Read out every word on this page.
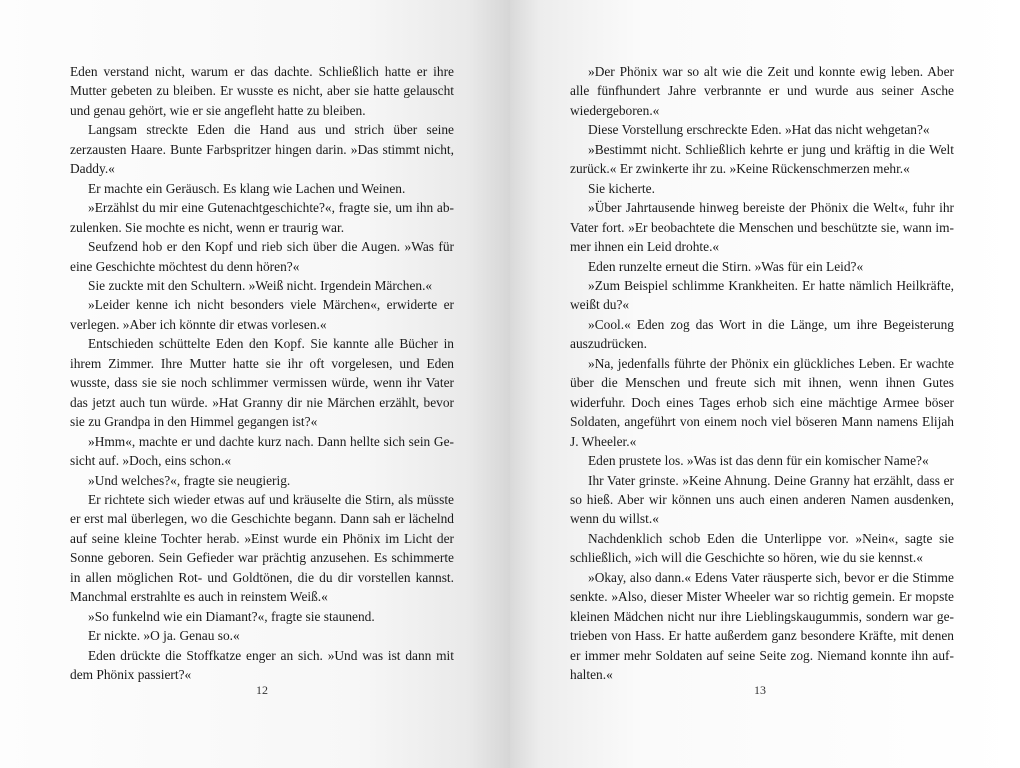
Eden verstand nicht, warum er das dachte. Schließlich hatte er ihre Mutter gebeten zu bleiben. Er wusste es nicht, aber sie hatte gelauscht und genau gehört, wie er sie angefleht hatte zu bleiben.

Langsam streckte Eden die Hand aus und strich über seine zerzausten Haare. Bunte Farbspritzer hingen darin. »Das stimmt nicht, Daddy.«

Er machte ein Geräusch. Es klang wie Lachen und Weinen.

»Erzählst du mir eine Gutenachtgeschichte?«, fragte sie, um ihn abzulenken. Sie mochte es nicht, wenn er traurig war.

Seufzend hob er den Kopf und rieb sich über die Augen. »Was für eine Geschichte möchtest du denn hören?«

Sie zuckte mit den Schultern. »Weiß nicht. Irgendein Märchen.«

»Leider kenne ich nicht besonders viele Märchen«, erwiderte er verlegen. »Aber ich könnte dir etwas vorlesen.«

Entschieden schüttelte Eden den Kopf. Sie kannte alle Bücher in ihrem Zimmer. Ihre Mutter hatte sie ihr oft vorgelesen, und Eden wusste, dass sie sie noch schlimmer vermissen würde, wenn ihr Vater das jetzt auch tun würde. »Hat Granny dir nie Märchen erzählt, bevor sie zu Grandpa in den Himmel gegangen ist?«

»Hmm«, machte er und dachte kurz nach. Dann hellte sich sein Gesicht auf. »Doch, eins schon.«

»Und welches?«, fragte sie neugierig.

Er richtete sich wieder etwas auf und kräuselte die Stirn, als müsste er erst mal überlegen, wo die Geschichte begann. Dann sah er lächelnd auf seine kleine Tochter herab. »Einst wurde ein Phönix im Licht der Sonne geboren. Sein Gefieder war prächtig anzusehen. Es schimmerte in allen möglichen Rot- und Goldtönen, die du dir vorstellen kannst. Manchmal erstrahlte es auch in reinstem Weiß.«

»So funkelnd wie ein Diamant?«, fragte sie staunend.

Er nickte. »O ja. Genau so.«

Eden drückte die Stoffkatze enger an sich. »Und was ist dann mit dem Phönix passiert?«

12

»Der Phönix war so alt wie die Zeit und konnte ewig leben. Aber alle fünfhundert Jahre verbrannte er und wurde aus seiner Asche wiedergeboren.«

Diese Vorstellung erschreckte Eden. »Hat das nicht wehgetan?«

»Bestimmt nicht. Schließlich kehrte er jung und kräftig in die Welt zurück.« Er zwinkerte ihr zu. »Keine Rückenschmerzen mehr.«

Sie kicherte.

»Über Jahrtausende hinweg bereiste der Phönix die Welt«, fuhr ihr Vater fort. »Er beobachtete die Menschen und beschützte sie, wann immer ihnen ein Leid drohte.«

Eden runzelte erneut die Stirn. »Was für ein Leid?«

»Zum Beispiel schlimme Krankheiten. Er hatte nämlich Heilkräfte, weißt du?«

»Cool.« Eden zog das Wort in die Länge, um ihre Begeisterung auszudrücken.

»Na, jedenfalls führte der Phönix ein glückliches Leben. Er wachte über die Menschen und freute sich mit ihnen, wenn ihnen Gutes widerfuhr. Doch eines Tages erhob sich eine mächtige Armee böser Soldaten, angeführt von einem noch viel böseren Mann namens Elijah J. Wheeler.«

Eden prustete los. »Was ist das denn für ein komischer Name?«

Ihr Vater grinste. »Keine Ahnung. Deine Granny hat erzählt, dass er so hieß. Aber wir können uns auch einen anderen Namen ausdenken, wenn du willst.«

Nachdenklich schob Eden die Unterlippe vor. »Nein«, sagte sie schließlich, »ich will die Geschichte so hören, wie du sie kennst.«

»Okay, also dann.« Edens Vater räusperte sich, bevor er die Stimme senkte. »Also, dieser Mister Wheeler war so richtig gemein. Er mopste kleinen Mädchen nicht nur ihre Lieblingskaugummis, sondern war getrieben von Hass. Er hatte außerdem ganz besondere Kräfte, mit denen er immer mehr Soldaten auf seine Seite zog. Niemand konnte ihn aufhalten.«

13
